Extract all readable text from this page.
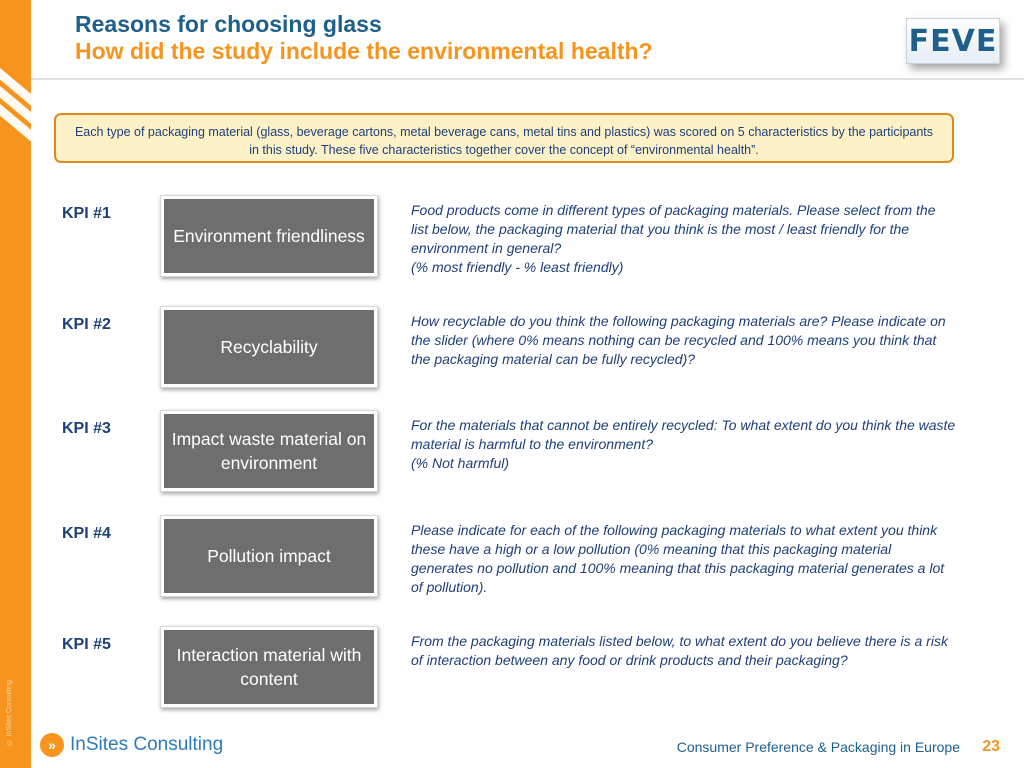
© InSites Consulting
Reasons for choosing glass
How did the study include the environmental health?	FEVE
Each type of packaging material (glass, beverage cartons, metal beverage cans, metal tins and plastics) was scored on 5 characteristics by the participants in this study. These five characteristics together cover the concept of “environmental health”.
KPI #1
Environment friendliness
Food products come in different types of packaging materials. Please select from the list below, the packaging material that you think is the most / least friendly for the environment in general?
(% most friendly - % least friendly)
KPI #2
Recyclability
How recyclable do you think the following packaging materials are? Please indicate on the slider (where 0% means nothing can be recycled and 100% means you think that the packaging material can be fully recycled)?
KPI #3
Impact waste material on environment
For the materials that cannot be entirely recycled: To what extent do you think the waste material is harmful to the environment?
(% Not harmful)
KPI #4
Pollution impact
Please indicate for each of the following packaging materials to what extent you think these have a high or a low pollution (0% meaning that this packaging material generates no pollution and 100% meaning that this packaging material generates a lot of pollution).
KPI #5
Interaction material with content
From the packaging materials listed below, to what extent do you believe there is a risk of interaction between any food or drink products and their packaging?
» InSites Consulting	Consumer Preference & Packaging in Europe 23
